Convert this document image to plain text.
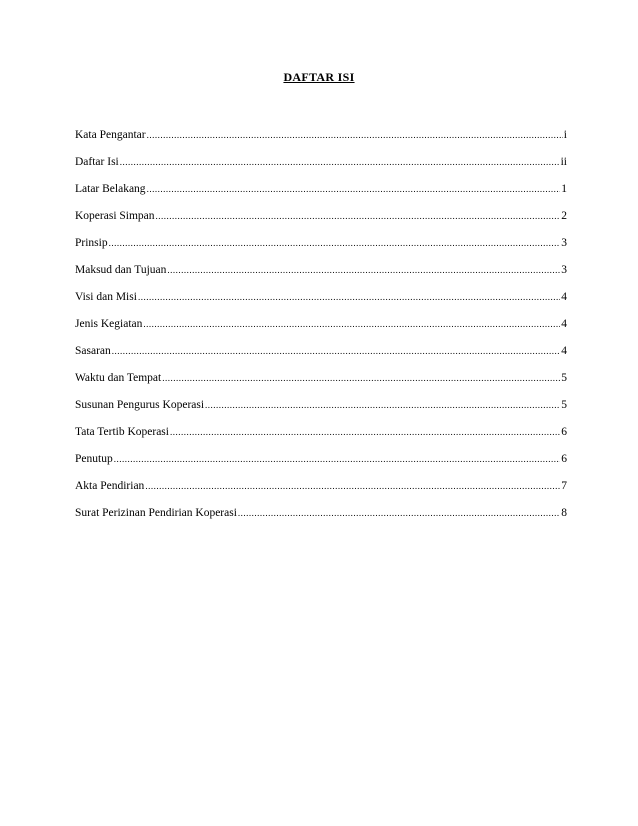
DAFTAR ISI
Kata Pengantar .....	i
Daftar Isi .....	ii
Latar Belakang .....	1
Koperasi Simpan .....	2
Prinsip .....	3
Maksud dan Tujuan .....	3
Visi dan Misi .....	4
Jenis Kegiatan .....	4
Sasaran .....	4
Waktu dan Tempat .....	5
Susunan Pengurus Koperasi .....	5
Tata Tertib Koperasi .....	6
Penutup .....	6
Akta Pendirian .....	7
Surat Perizinan Pendirian Koperasi .....	8
